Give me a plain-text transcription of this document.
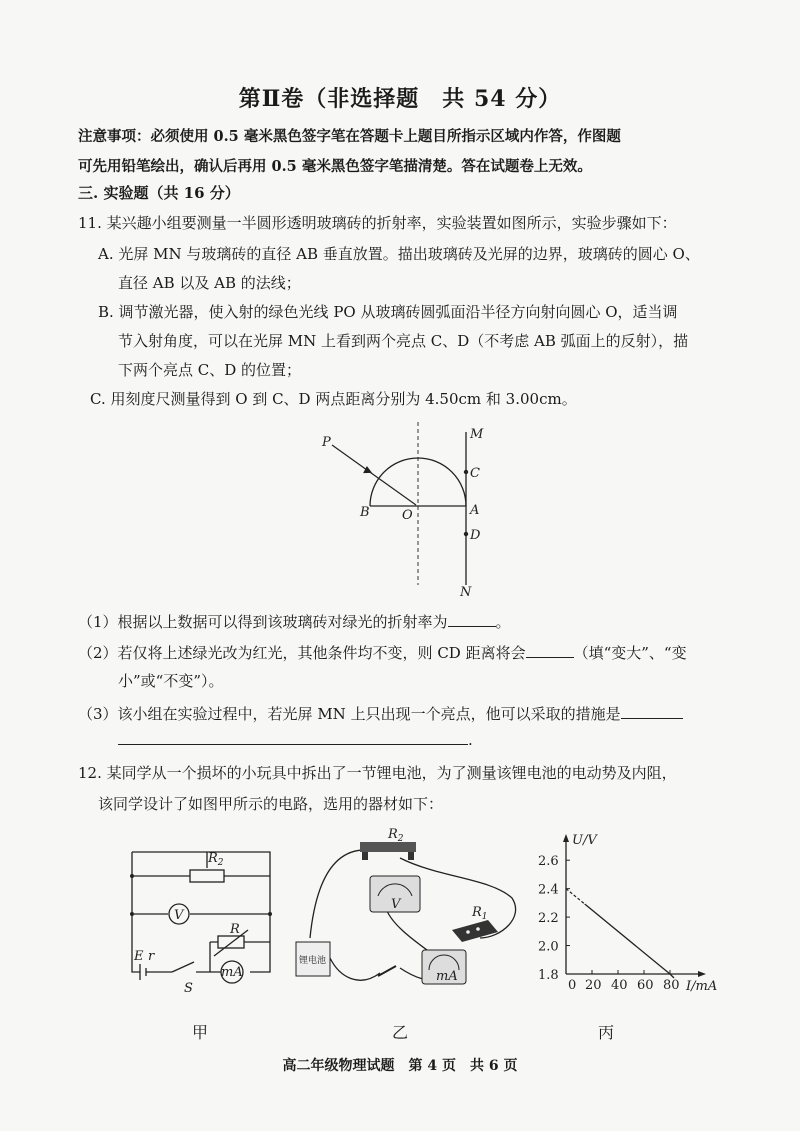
第Ⅱ卷（非选择题　共 54 分）
注意事项：必须使用 0.5 毫米黑色签字笔在答题卡上题目所指示区域内作答，作图题
可先用铅笔绘出，确认后再用 0.5 毫米黑色签字笔描清楚。答在试题卷上无效。
三. 实验题（共 16 分）
11. 某兴趣小组要测量一半圆形透明玻璃砖的折射率，实验装置如图所示，实验步骤如下：
A. 光屏 MN 与玻璃砖的直径 AB 垂直放置。描出玻璃砖及光屏的边界，玻璃砖的圆心 O、
直径 AB 以及 AB 的法线；
B. 调节激光器，使入射的绿色光线 PO 从玻璃砖圆弧面沿半径方向射向圆心 O，适当调
节入射角度，可以在光屏 MN 上看到两个亮点 C、D（不考虑 AB 弧面上的反射），描
下两个亮点 C、D 的位置；
C. 用刻度尺测量得到 O 到 C、D 两点距离分别为 4.50cm 和 3.00cm。
P
M
C
B O	A
D
N
（1）根据以上数据可以得到该玻璃砖对绿光的折射率为	。
（2）若仅将上述绿光改为红光，其他条件均不变，则 CD 距离将会	（填“变大”、“变
小”或“不变”）。
（3）该小组在实验过程中，若光屏 MN 上只出现一个亮点，他可以采取的措施是
.
12. 某同学从一个损坏的小玩具中拆出了一节锂电池，为了测量该锂电池的电动势及内阻，
该同学设计了如图甲所示的电路，选用的器材如下：
$R_2$
V
R
mA
E r
S
$R_2$
V
$R_1$
锂电池
mA
0 20 40 60 80
1.8
2.0
2.2
2.4
2.6
I/mA
U/V
甲	乙	丙
高二年级物理试题　第 4 页　共 6 页
